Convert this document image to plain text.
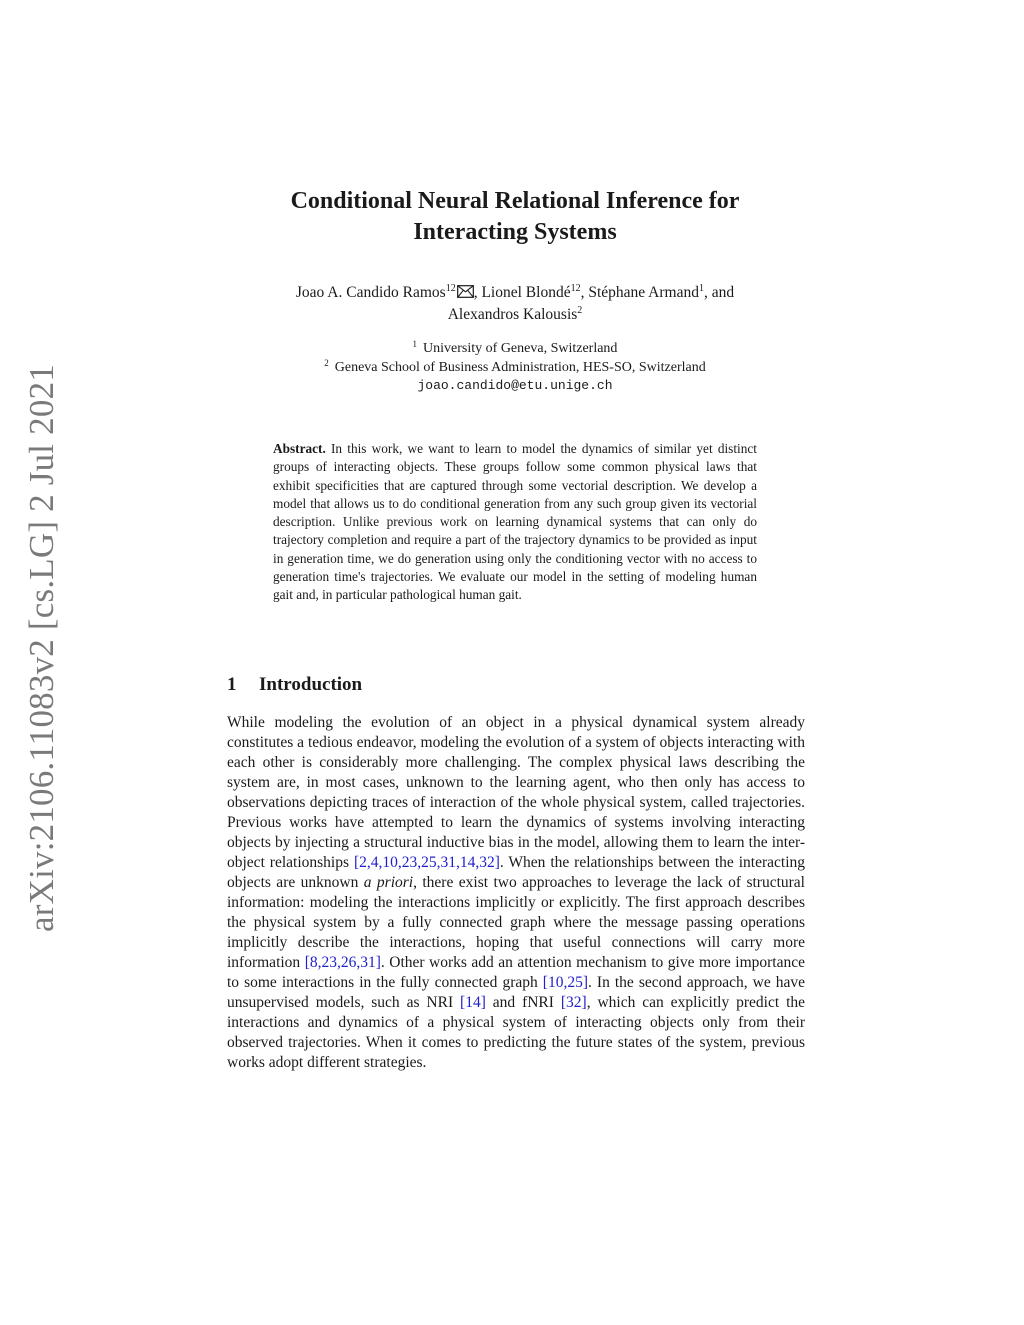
arXiv:2106.11083v2 [cs.LG] 2 Jul 2021
Conditional Neural Relational Inference for
Interacting Systems
Joao A. Candido Ramos$^{12}$ , Lionel Blondé$^{12}$, Stéphane Armand$^1$, and
Alexandros Kalousis$^2$
$^1$ University of Geneva, Switzerland
$^2$ Geneva School of Business Administration, HES-SO, Switzerland
joao.candido@etu.unige.ch
Abstract. In this work, we want to learn to model the dynamics of similar yet distinct groups of interacting objects. These groups follow some common physical laws that exhibit specificities that are captured through some vectorial description. We develop a model that allows us to do conditional generation from any such group given its vectorial description. Unlike previous work on learning dynamical systems that can only do trajectory completion and require a part of the trajectory dynamics to be provided as input in generation time, we do generation using only the conditioning vector with no access to generation time's trajectories. We evaluate our model in the setting of modeling human gait and, in particular pathological human gait.
1 Introduction
While modeling the evolution of an object in a physical dynamical system already constitutes a tedious endeavor, modeling the evolution of a system of objects interacting with each other is considerably more challenging. The complex physical laws describing the system are, in most cases, unknown to the learning agent, who then only has access to observations depicting traces of interaction of the whole physical system, called trajectories. Previous works have attempted to learn the dynamics of systems involving interacting objects by injecting a structural inductive bias in the model, allowing them to learn the inter-object relationships [2,4,10,23,25,31,14,32]. When the relationships between the interacting objects are unknown a priori, there exist two approaches to leverage the lack of structural information: modeling the interactions implicitly or explicitly. The first approach describes the physical system by a fully connected graph where the message passing operations implicitly describe the interactions, hoping that useful connections will carry more information [8,23,26,31]. Other works add an attention mechanism to give more importance to some interactions in the fully connected graph [10,25]. In the second approach, we have unsupervised models, such as NRI [14] and fNRI [32], which can explicitly predict the interactions and dynamics of a physical system of interacting objects only from their observed trajectories. When it comes to predicting the future states of the system, previous works adopt different strategies.
